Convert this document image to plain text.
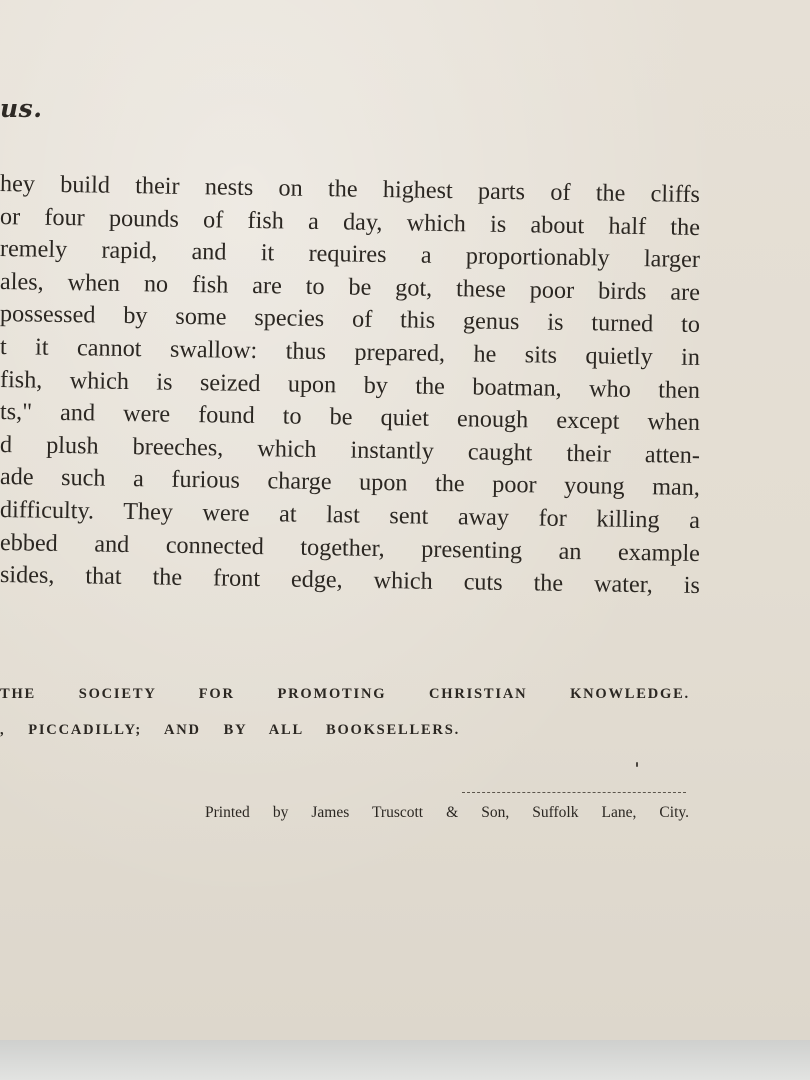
us.
hey build their nests on the highest parts of the cliffs
or four pounds of fish a day, which is about half the
remely rapid, and it requires a proportionably larger
ales, when no fish are to be got, these poor birds are
possessed by some species of this genus is turned to
t it cannot swallow: thus prepared, he sits quietly in
fish, which is seized upon by the boatman, who then
ts," and were found to be quiet enough except when
d plush breeches, which instantly caught their atten-
ade such a furious charge upon the poor young man,
difficulty. They were at last sent away for killing a
ebbed and connected together, presenting an example
sides, that the front edge, which cuts the water, is
THE SOCIETY FOR PROMOTING CHRISTIAN KNOWLEDGE.
, PICCADILLY; AND BY ALL BOOKSELLERS.
Printed by James Truscott & Son, Suffolk Lane, City.
